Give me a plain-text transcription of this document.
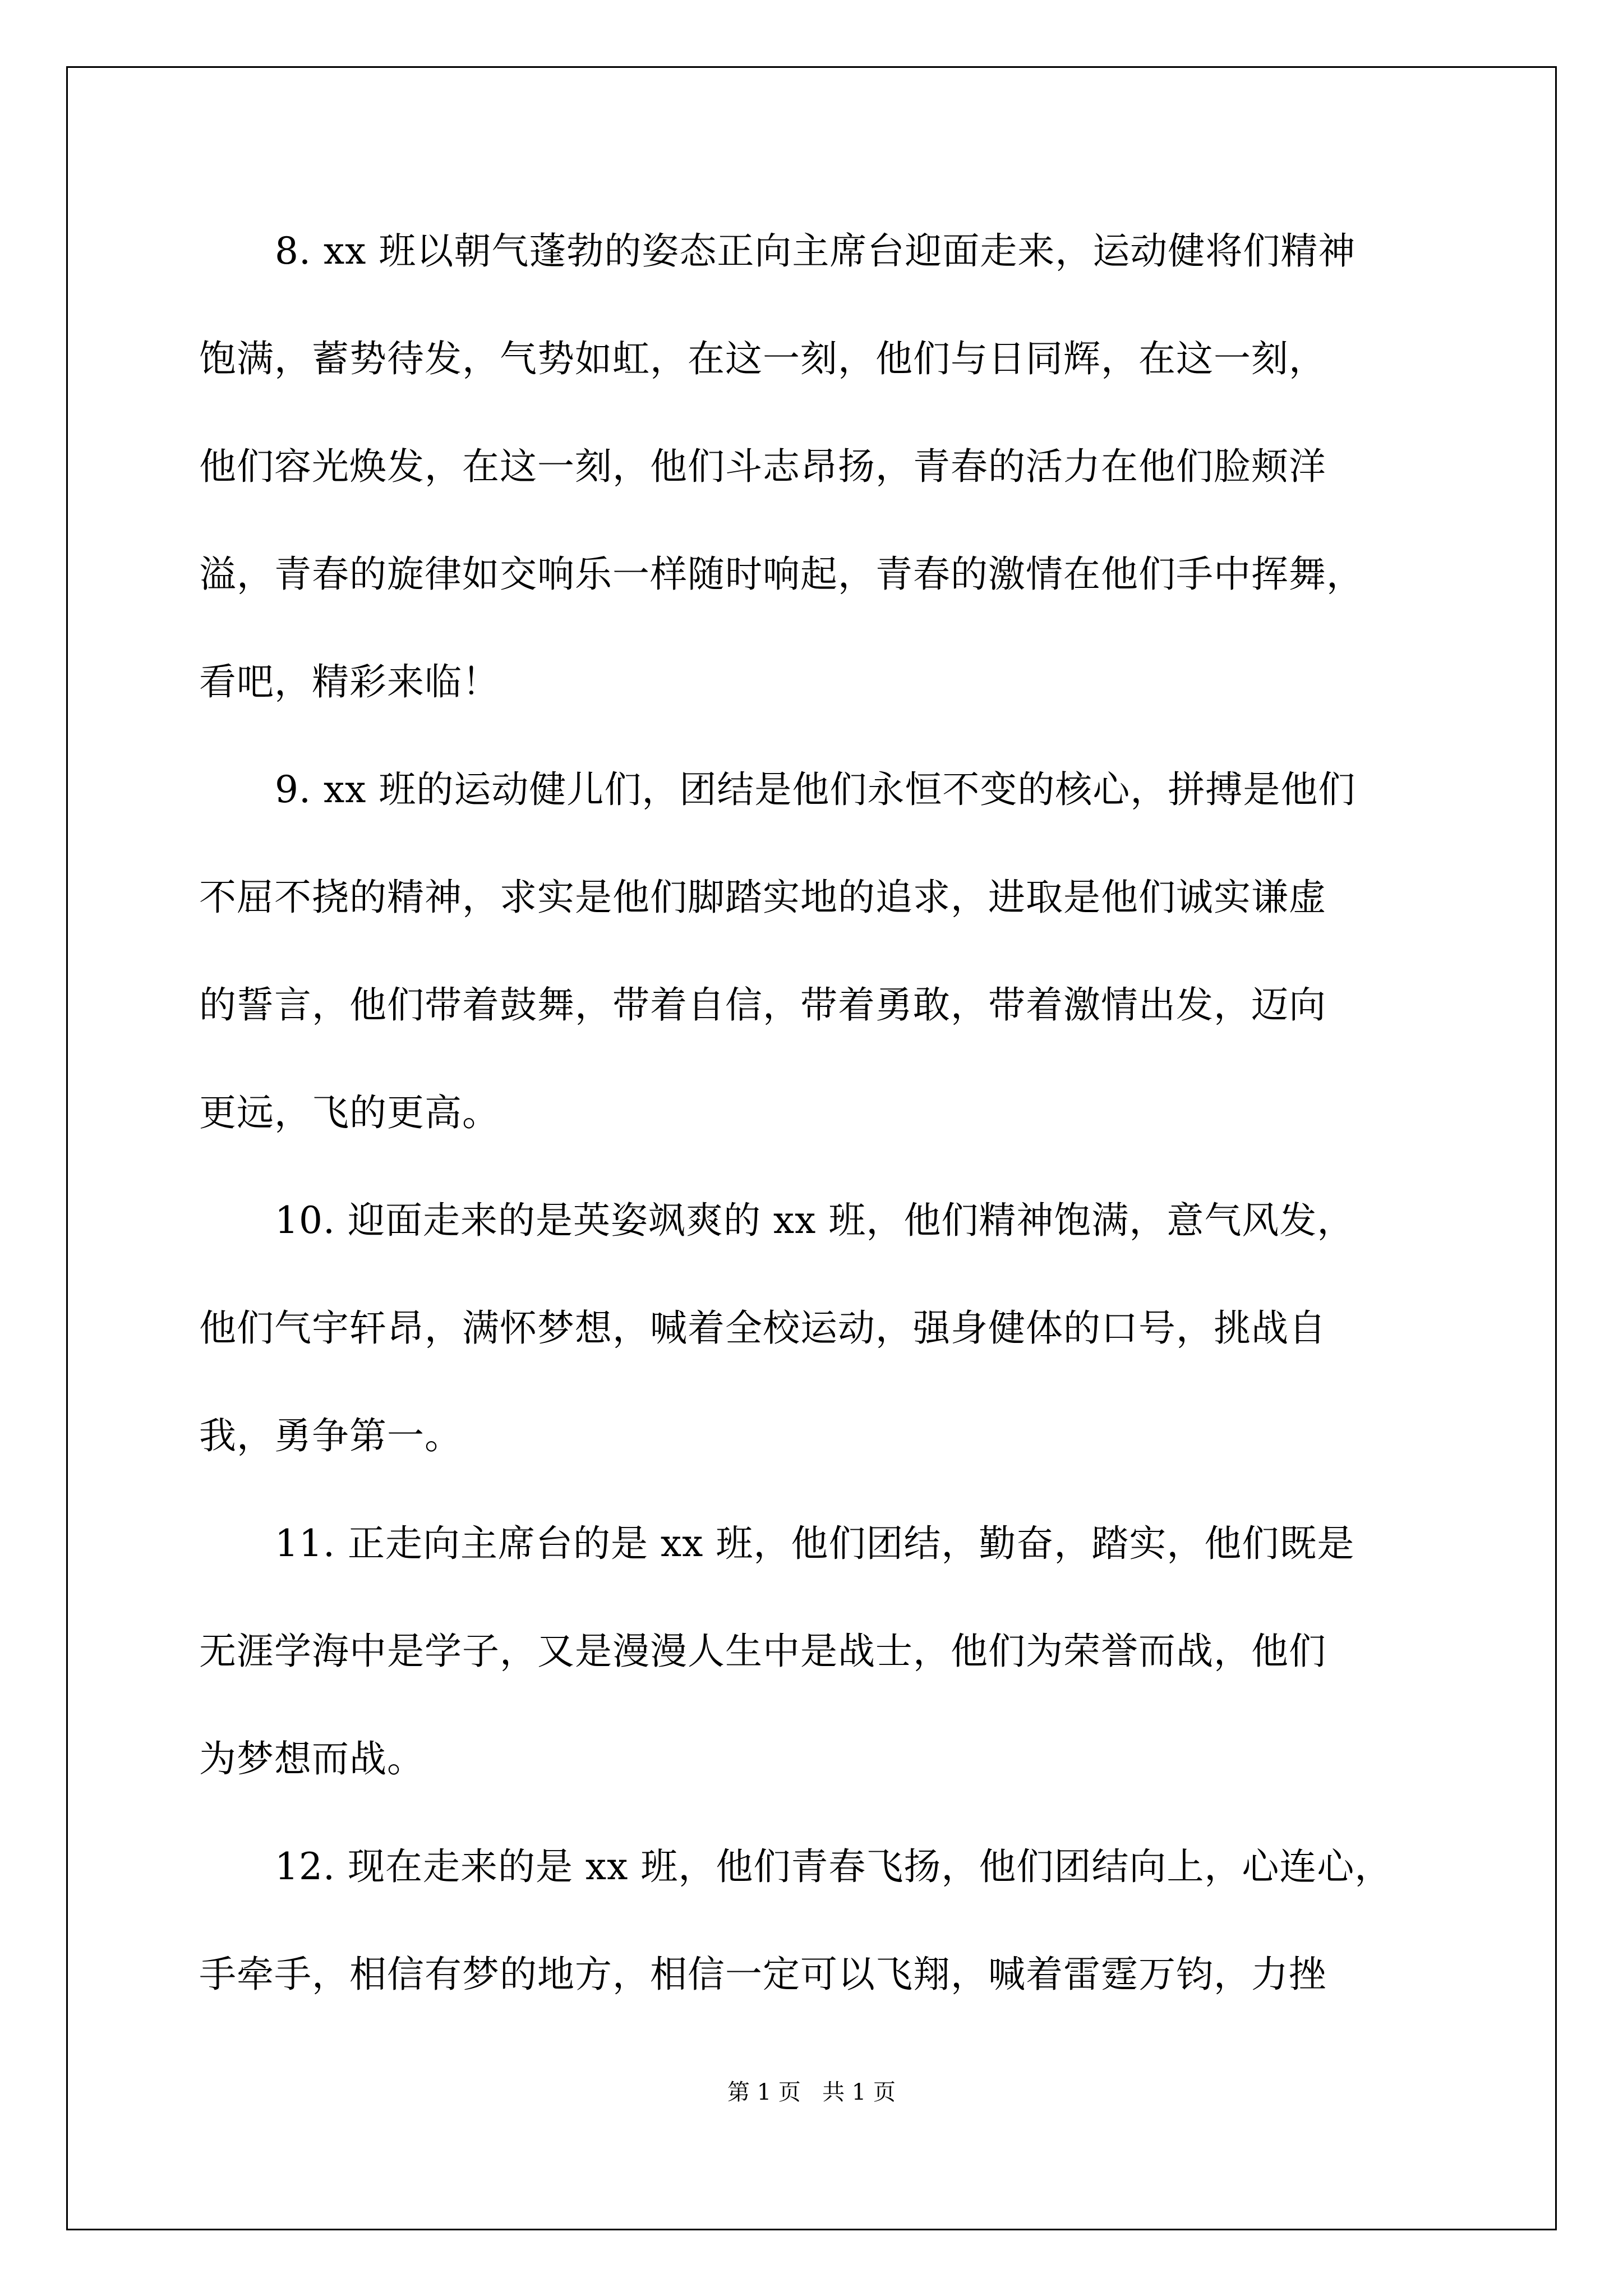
8. xx 班以朝气蓬勃的姿态正向主席台迎面走来，运动健将们精神
饱满，蓄势待发，气势如虹，在这一刻，他们与日同辉，在这一刻，
他们容光焕发，在这一刻，他们斗志昂扬，青春的活力在他们脸颊洋
溢，青春的旋律如交响乐一样随时响起，青春的激情在他们手中挥舞，
看吧，精彩来临！
9. xx 班的运动健儿们，团结是他们永恒不变的核心，拼搏是他们
不屈不挠的精神，求实是他们脚踏实地的追求，进取是他们诚实谦虚
的誓言，他们带着鼓舞，带着自信，带着勇敢，带着激情出发，迈向
更远，飞的更高。
10. 迎面走来的是英姿飒爽的 xx 班，他们精神饱满，意气风发，
他们气宇轩昂，满怀梦想，喊着全校运动，强身健体的口号，挑战自
我，勇争第一。
11. 正走向主席台的是 xx 班，他们团结，勤奋，踏实，他们既是
无涯学海中是学子，又是漫漫人生中是战士，他们为荣誉而战，他们
为梦想而战。
12. 现在走来的是 xx 班，他们青春飞扬，他们团结向上，心连心，
手牵手，相信有梦的地方，相信一定可以飞翔，喊着雷霆万钧，力挫
第 1 页   共 1 页
